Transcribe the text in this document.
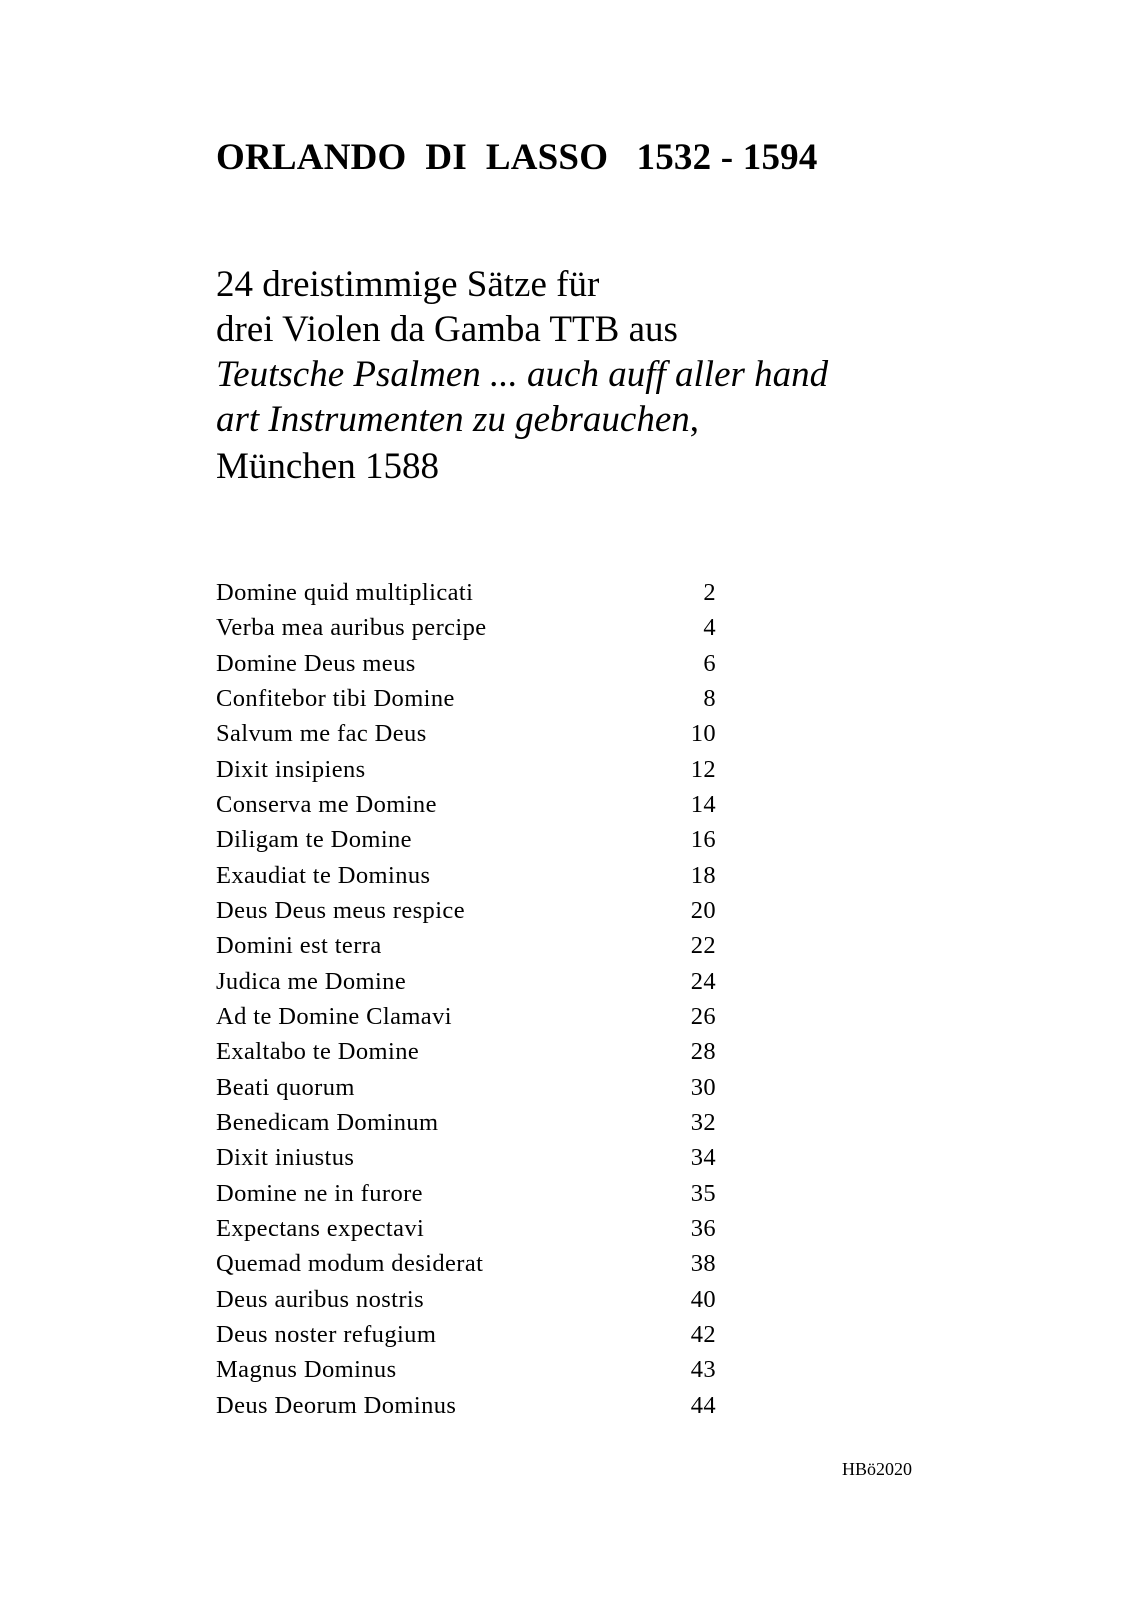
ORLANDO  DI  LASSO   1532 - 1594
24 dreistimmige Sätze für
drei Violen da Gamba TTB aus
Teutsche Psalmen ... auch auff aller hand
art Instrumenten zu gebrauchen,
München 1588
Domine quid multiplicati	2
Verba mea auribus percipe	4
Domine Deus meus	6
Confitebor tibi Domine	8
Salvum me fac Deus	10
Dixit insipiens	12
Conserva me Domine	14
Diligam te Domine	16
Exaudiat te Dominus	18
Deus Deus meus respice	20
Domini est terra	22
Judica me Domine	24
Ad te Domine Clamavi	26
Exaltabo te Domine	28
Beati quorum	30
Benedicam Dominum	32
Dixit iniustus	34
Domine ne in furore	35
Expectans expectavi	36
Quemad modum desiderat	38
Deus auribus nostris	40
Deus noster refugium	42
Magnus Dominus	43
Deus Deorum Dominus	44
HBö2020
